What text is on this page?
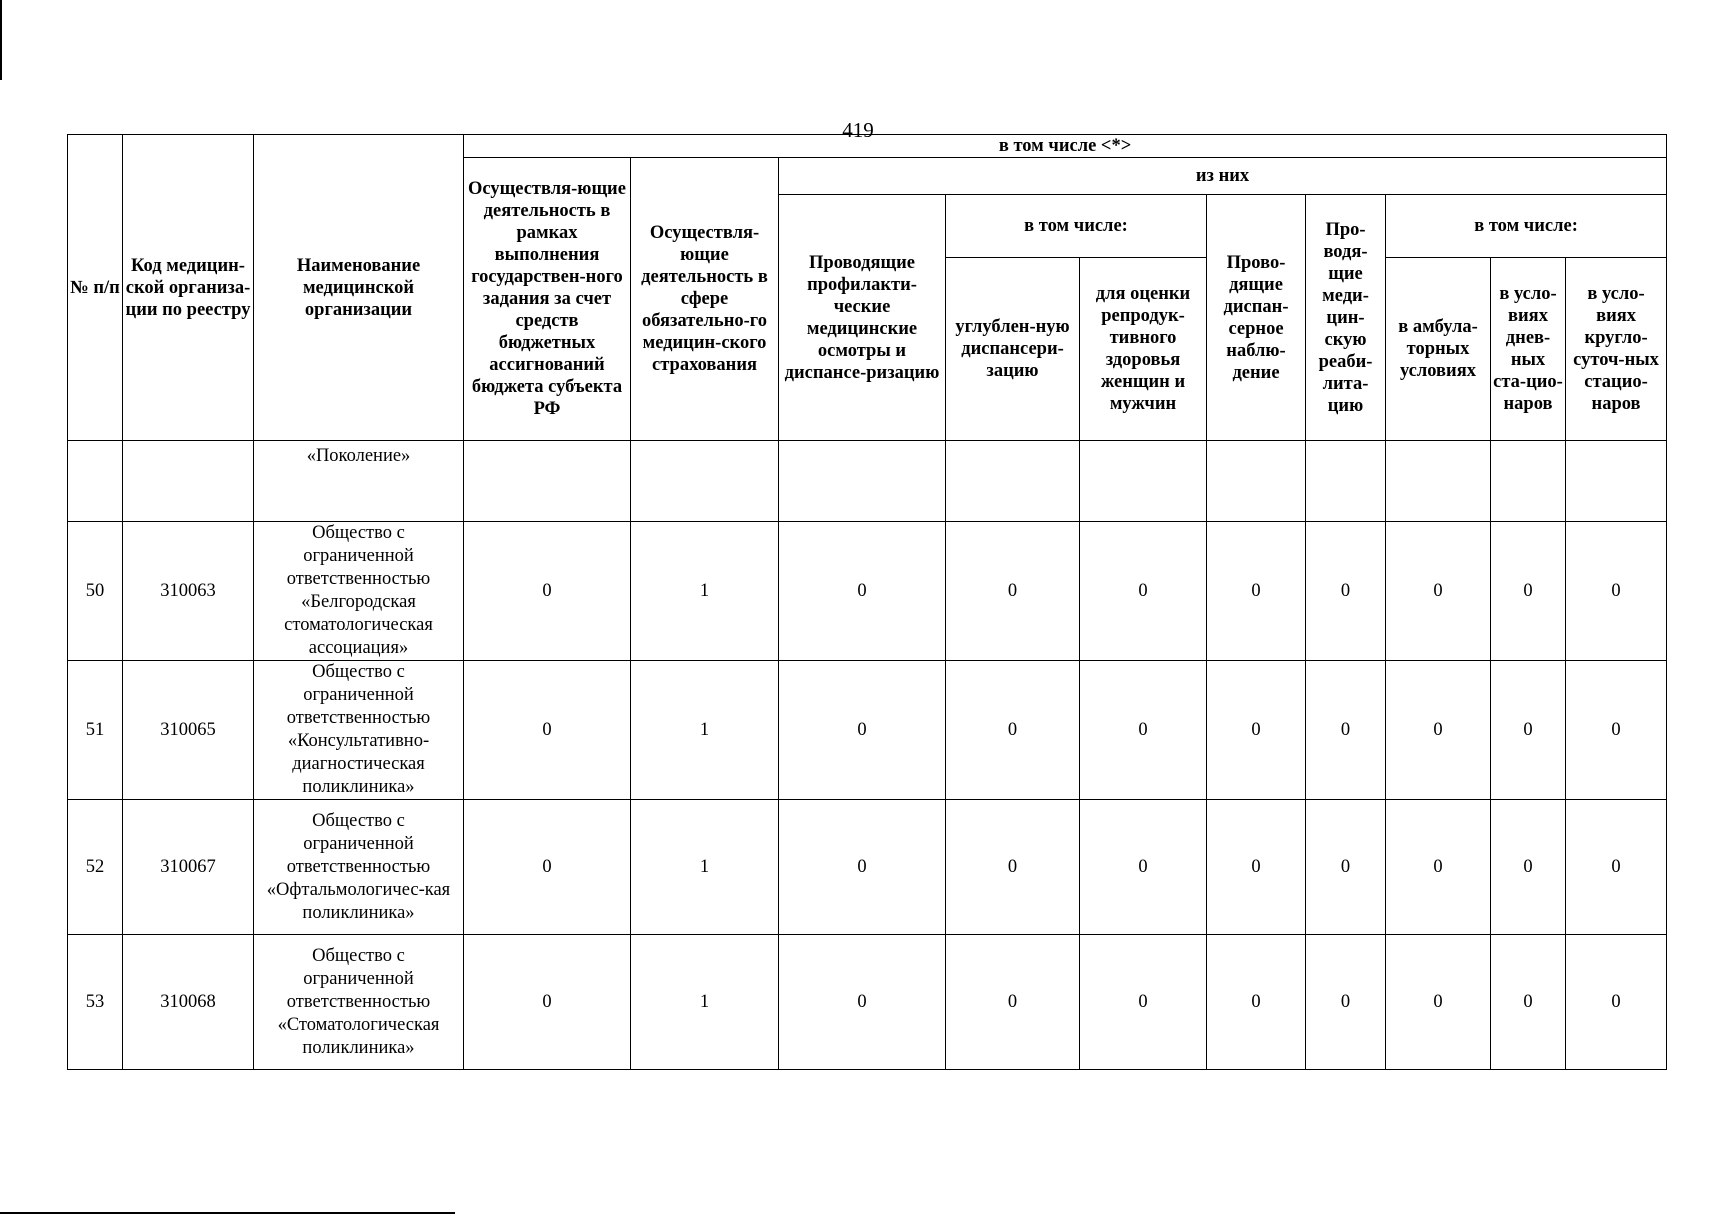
419
№ п/п	Код медицин-ской организа-ции по реестру	Наименование медицинской организации	в том числе <*>									
			Осуществля-ющие деятельность в рамках выполнения государствен-ного задания за счет средств бюджетных ассигнований бюджета субъекта РФ	Осуществля-ющие деятельность в сфере обязательно-го медицин-ского страхования	из них							
					Проводящие профилакти-ческие медицинские осмотры и диспансе-ризацию	в том числе:		Прово-дящие диспан-серное наблю-дение	Про-водя-щие меди-цин-скую реаби-лита-цию	в том числе:		
						углублен-ную диспансери-зацию	для оценки репродук-тивного здоровья женщин и мужчин			в амбула-торных условиях	в усло-виях днев-ных ста-цио-наров	в усло-виях кругло-суточ-ных стацио-наров
		«Поколение»										
50	310063	Общество с ограниченной ответственностью «Белгородская стоматологическая ассоциация»	0	1	0	0	0	0	0	0	0	0
51	310065	Общество с ограниченной ответственностью «Консультативно-диагностическая поликлиника»	0	1	0	0	0	0	0	0	0	0
52	310067	Общество с ограниченной ответственностью «Офтальмологичес-кая поликлиника»	0	1	0	0	0	0	0	0	0	0
53	310068	Общество с ограниченной ответственностью «Стоматологическая поликлиника»	0	1	0	0	0	0	0	0	0	0
